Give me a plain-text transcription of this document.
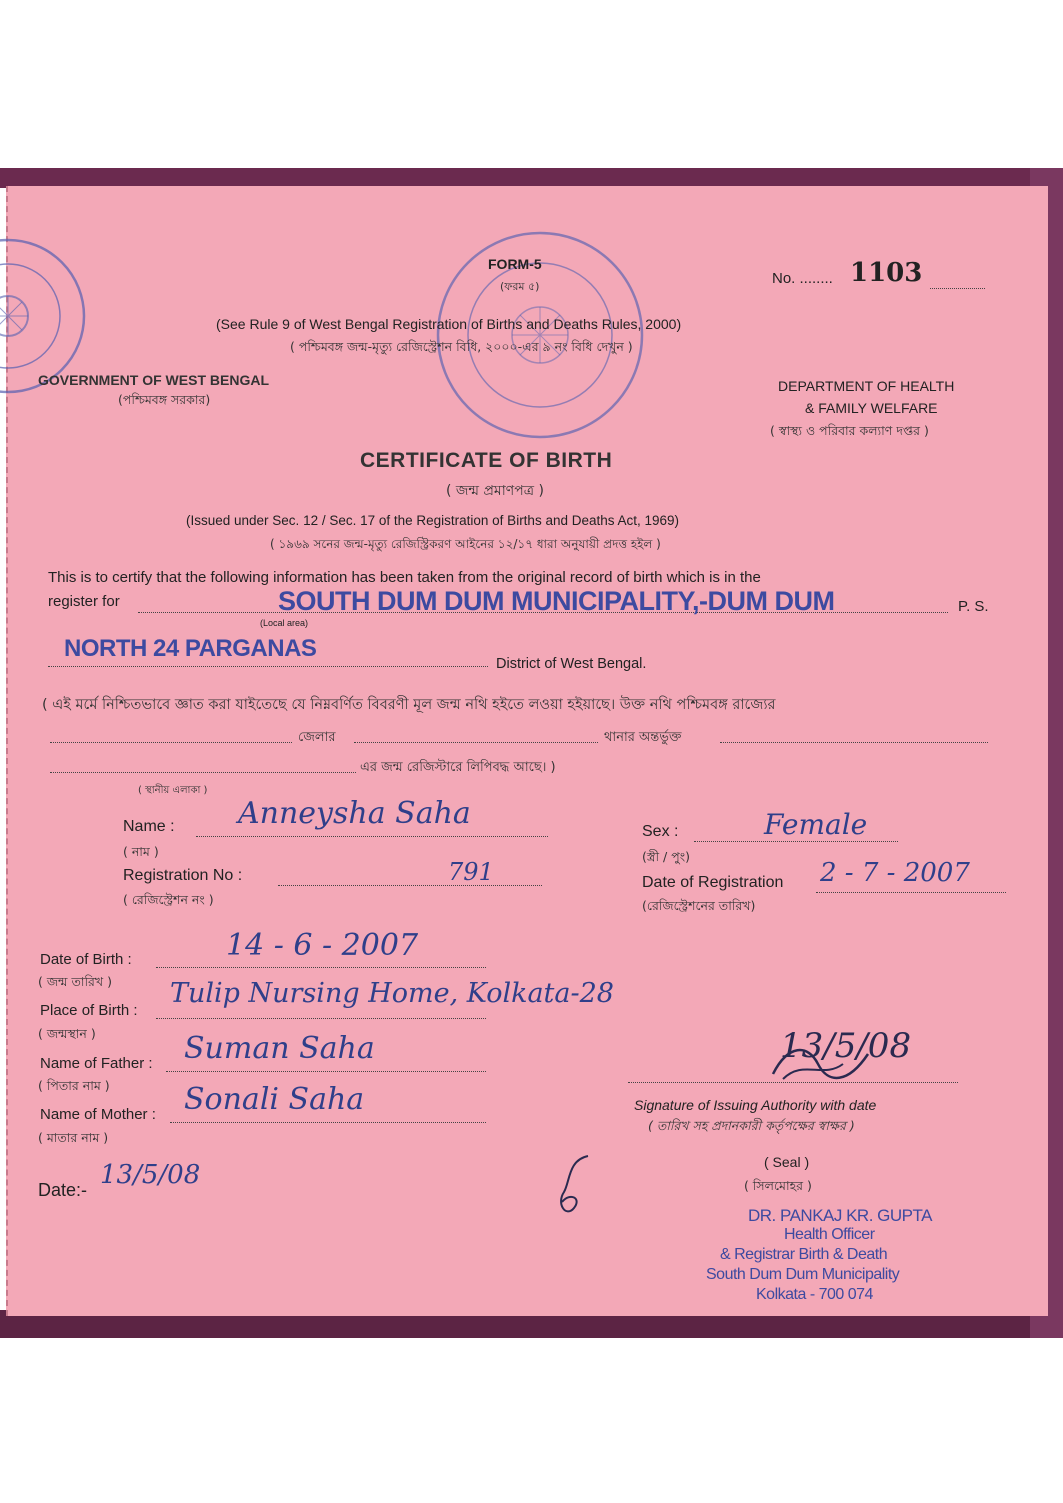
FORM-5
(ফরম ৫)	No. ........ 1103
(See Rule 9 of West Bengal Registration of Births and Deaths Rules, 2000)
( পশ্চিমবঙ্গ জন্ম-মৃত্যু রেজিস্ট্রেশন বিধি, ২০০০-এর ৯ নং বিধি দেখুন )
GOVERNMENT OF WEST BENGAL
(পশ্চিমবঙ্গ সরকার)
DEPARTMENT OF HEALTH
& FAMILY WELFARE
( স্বাস্থ্য ও পরিবার কল্যাণ দপ্তর )
CERTIFICATE OF BIRTH
( জন্ম প্রমাণপত্র )
(Issued under Sec. 12 / Sec. 17 of the Registration of Births and Deaths Act, 1969)
( ১৯৬৯ সনের জন্ম-মৃত্যু রেজিস্ট্রিকরণ আইনের ১২/১৭ ধারা অনুযায়ী প্রদত্ত হইল )
This is to certify that the following information has been taken from the original record of birth which is in the
register for	SOUTH DUM DUM MUNICIPALITY,-DUM DUM	P. S.
(Local area)
NORTH 24 PARGANAS
District of West Bengal.
( এই মর্মে নিশ্চিতভাবে জ্ঞাত করা যাইতেছে যে নিম্নবর্ণিত বিবরণী মূল জন্ম নথি হইতে লওয়া হইয়াছে। উক্ত নথি পশ্চিমবঙ্গ রাজ্যের
জেলার	থানার অন্তর্ভুক্ত
এর জন্ম রেজিস্টারে লিপিবদ্ধ আছে। )
( স্থানীয় এলাকা )
Name : Anneysha Saha
( নাম )
Sex :	Female
(স্ত্রী / পুং)
Registration No :	791
( রেজিস্ট্রেশন নং )
Date of Registration 2 - 7 - 2007
(রেজিস্ট্রেশনের তারিখ)
Date of Birth :	14 - 6 - 2007
( জন্ম তারিখ )
Place of Birth :
Tulip Nursing Home, Kolkata-28
( জন্মস্থান )
Name of Father : Suman Saha
( পিতার নাম )
Name of Mother : Sonali Saha
( মাতার নাম )
13/5/08
Signature of Issuing Authority with date
( তারিখ সহ প্রদানকারী কর্তৃপক্ষের স্বাক্ষর )
( Seal )
( সিলমোহর )
Date:- 13/5/08
DR. PANKAJ KR. GUPTA
Health Officer
& Registrar Birth & Death
South Dum Dum Municipality
Kolkata - 700 074
